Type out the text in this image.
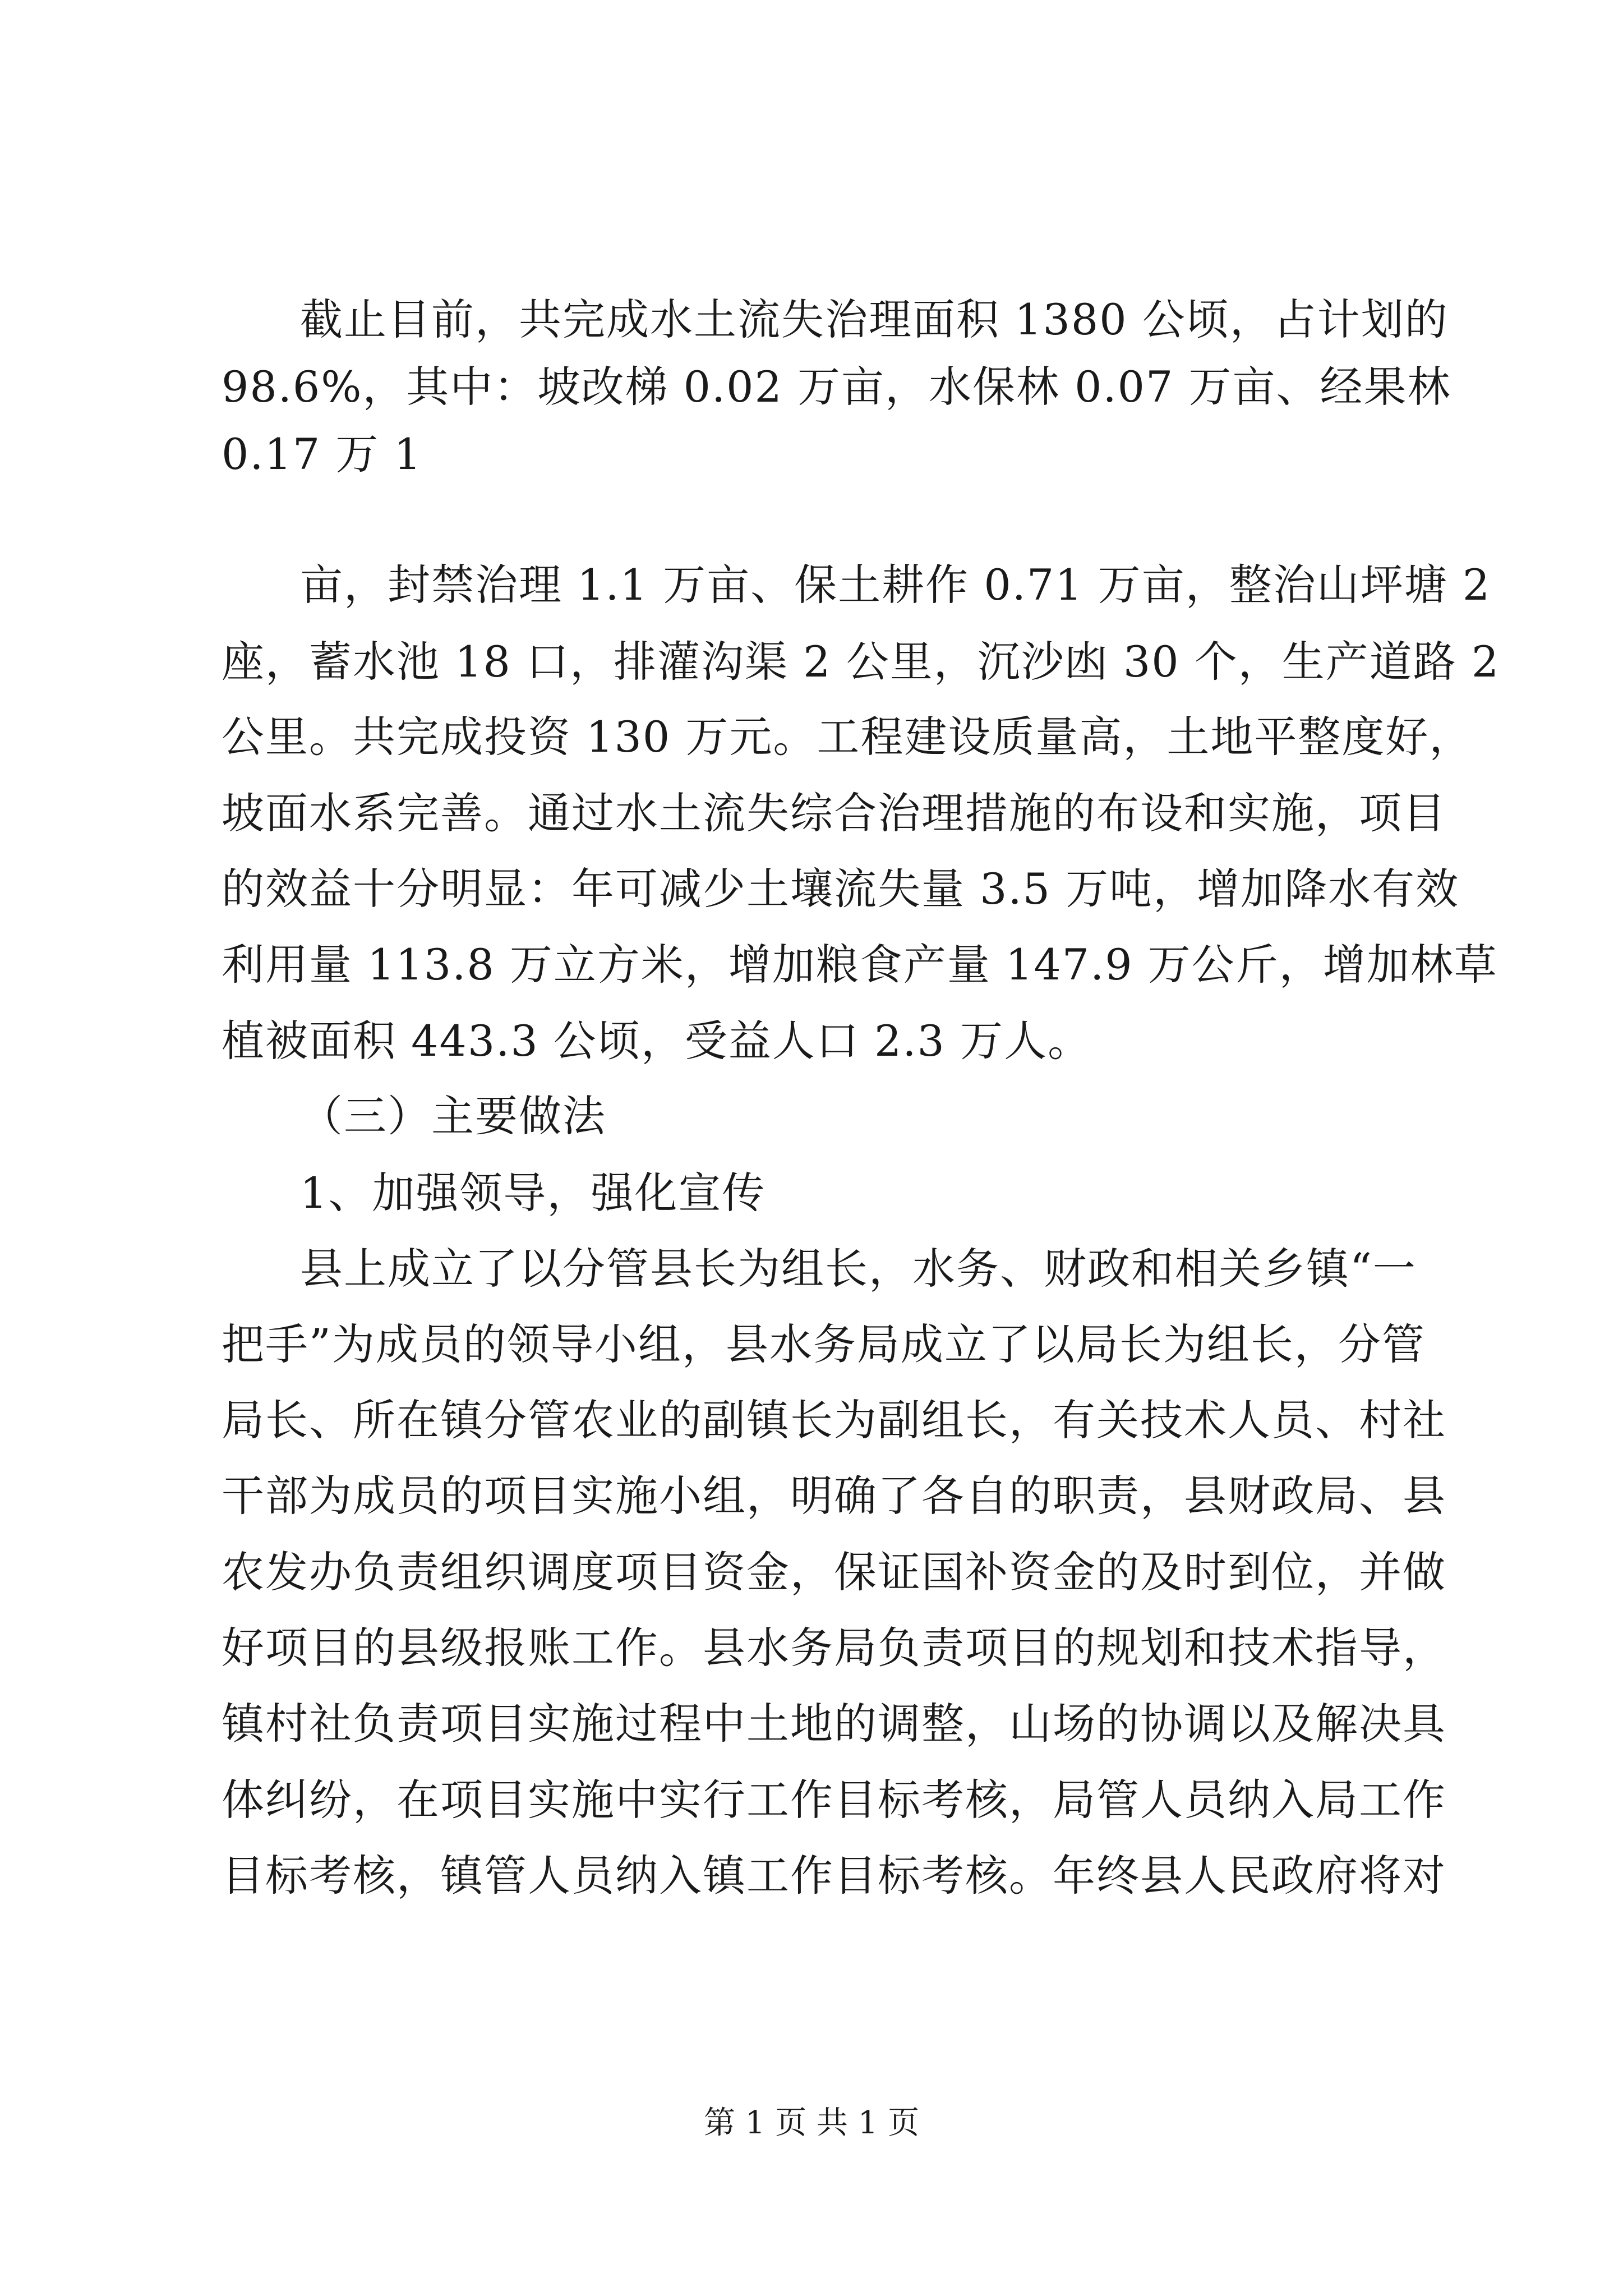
截止目前，共完成水土流失治理面积 1380 公顷，占计划的
98.6%，其中：坡改梯 0.02 万亩，水保林 0.07 万亩、经果林
0.17 万 1
亩，封禁治理 1.1 万亩、保土耕作 0.71 万亩，整治山坪塘 2
座，蓄水池 18 口，排灌沟渠 2 公里，沉沙凼 30 个，生产道路 2
公里。共完成投资 130 万元。工程建设质量高，土地平整度好，
坡面水系完善。通过水土流失综合治理措施的布设和实施，项目
的效益十分明显：年可减少土壤流失量 3.5 万吨，增加降水有效
利用量 113.8 万立方米，增加粮食产量 147.9 万公斤，增加林草
植被面积 443.3 公顷，受益人口 2.3 万人。
（三）主要做法
1、加强领导，强化宣传
县上成立了以分管县长为组长，水务、财政和相关乡镇“一
把手”为成员的领导小组，县水务局成立了以局长为组长，分管
局长、所在镇分管农业的副镇长为副组长，有关技术人员、村社
干部为成员的项目实施小组，明确了各自的职责，县财政局、县
农发办负责组织调度项目资金，保证国补资金的及时到位，并做
好项目的县级报账工作。县水务局负责项目的规划和技术指导，
镇村社负责项目实施过程中土地的调整，山场的协调以及解决具
体纠纷，在项目实施中实行工作目标考核，局管人员纳入局工作
目标考核，镇管人员纳入镇工作目标考核。年终县人民政府将对
第 1 页 共 1 页
